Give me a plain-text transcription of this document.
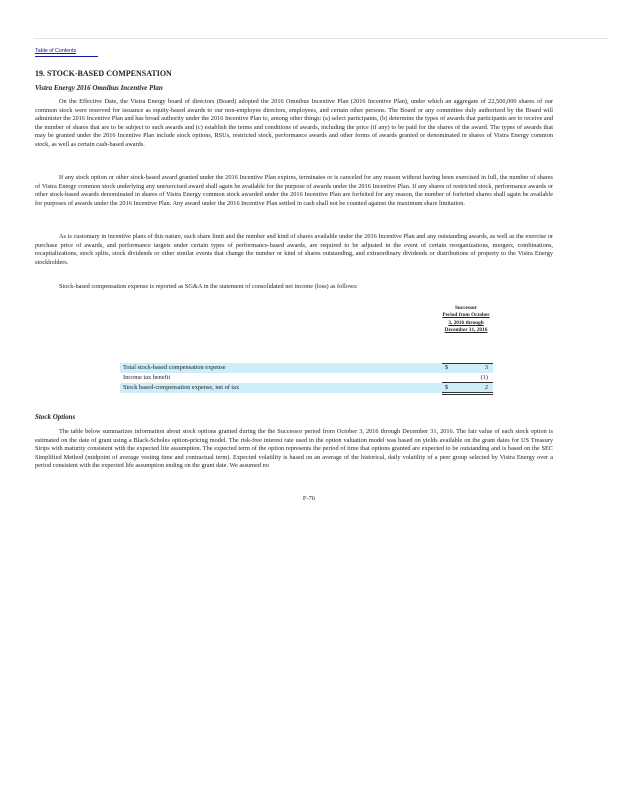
Table of Contents
19. STOCK-BASED COMPENSATION
Vistra Energy 2016 Omnibus Incentive Plan

On the Effective Date, the Vistra Energy board of directors (Board) adopted the 2016 Omnibus Incentive Plan (2016 Incentive Plan), under which an aggregate of 22,500,000 shares of our common stock were reserved for issuance as equity-based awards to our non-employee directors, employees, and certain other persons. The Board or any committee duly authorized by the Board will administer the 2016 Incentive Plan and has broad authority under the 2016 Incentive Plan to, among other things: (a) select participants, (b) determine the types of awards that participants are to receive and the number of shares that are to be subject to such awards and (c) establish the terms and conditions of awards, including the price (if any) to be paid for the shares of the award. The types of awards that may be granted under the 2016 Incentive Plan include stock options, RSUs, restricted stock, performance awards and other forms of awards granted or denominated in shares of Vistra Energy common stock, as well as certain cash-based awards.

If any stock option or other stock-based award granted under the 2016 Incentive Plan expires, terminates or is canceled for any reason without having been exercised in full, the number of shares of Vistra Energy common stock underlying any unexercised award shall again be available for the purpose of awards under the 2016 Incentive Plan. If any shares of restricted stock, performance awards or other stock-based awards denominated in shares of Vistra Energy common stock awarded under the 2016 Incentive Plan are forfeited for any reason, the number of forfeited shares shall again be available for purposes of awards under the 2016 Incentive Plan. Any award under the 2016 Incentive Plan settled in cash shall not be counted against the maximum share limitation.

As is customary in incentive plans of this nature, each share limit and the number and kind of shares available under the 2016 Incentive Plan and any outstanding awards, as well as the exercise or purchase price of awards, and performance targets under certain types of performance-based awards, are required to be adjusted in the event of certain reorganizations, mergers, combinations, recapitalizations, stock splits, stock dividends or other similar events that change the number or kind of shares outstanding, and extraordinary dividends or distributions of property to the Vistra Energy stockholders.

Stock-based compensation expense is reported as SG&A in the statement of consolidated net income (loss) as follows:

Successor
Period from October 3, 2016 through December 31, 2016
Total stock-based compensation expense	$	3
Income tax benefit	(1)
Stock based-compensation expense, net of tax	$	2
Stock Options

The table below summarizes information about stock options granted during the the Successor period from October 3, 2016 through December 31, 2016. The fair value of each stock option is estimated on the date of grant using a Black-Scholes option-pricing model. The risk-free interest rate used in the option valuation model was based on yields available on the grant dates for US Treasury Strips with maturity consistent with the expected life assumption. The expected term of the option represents the period of time that options granted are expected to be outstanding and is based on the SEC Simplified Method (midpoint of average vesting time and contractual term). Expected volatility is based on an average of the historical, daily volatility of a peer group selected by Vistra Energy over a period consistent with the expected life assumption ending on the grant date. We assumed no

F-76
